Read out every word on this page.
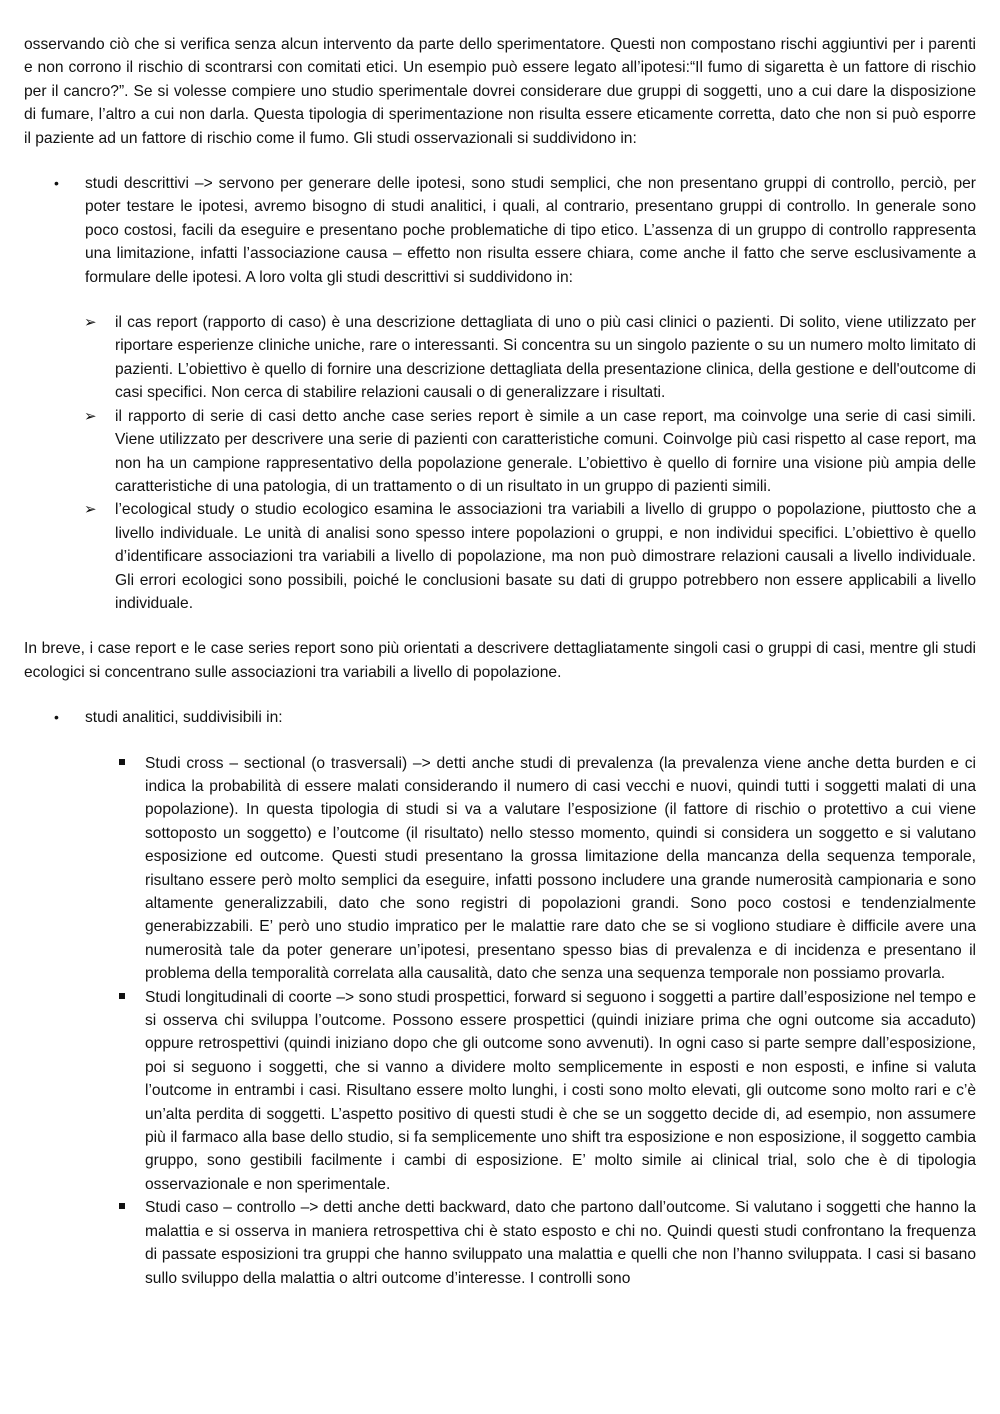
osservando ciò che si verifica senza alcun intervento da parte dello sperimentatore. Questi non compostano rischi aggiuntivi per i parenti e non corrono il rischio di scontrarsi con comitati etici. Un esempio può essere legato all’ipotesi:“Il fumo di sigaretta è un fattore di rischio per il cancro?”. Se si volesse compiere uno studio sperimentale dovrei considerare due gruppi di soggetti, uno a cui dare la disposizione di fumare, l’altro a cui non darla. Questa tipologia di sperimentazione non risulta essere eticamente corretta, dato che non si può esporre il paziente ad un fattore di rischio come il fumo. Gli studi osservazionali si suddividono in:

• studi descrittivi –> servono per generare delle ipotesi, sono studi semplici, che non presentano gruppi di controllo, perciò, per poter testare le ipotesi, avremo bisogno di studi analitici, i quali, al contrario, presentano gruppi di controllo. In generale sono poco costosi, facili da eseguire e presentano poche problematiche di tipo etico. L’assenza di un gruppo di controllo rappresenta una limitazione, infatti l’associazione causa – effetto non risulta essere chiara, come anche il fatto che serve esclusivamente a formulare delle ipotesi. A loro volta gli studi descrittivi si suddividono in:

➢ il cas report (rapporto di caso) è una descrizione dettagliata di uno o più casi clinici o pazienti. Di solito, viene utilizzato per riportare esperienze cliniche uniche, rare o interessanti. Si concentra su un singolo paziente o su un numero molto limitato di pazienti. L’obiettivo è quello di fornire una descrizione dettagliata della presentazione clinica, della gestione e dell'outcome di casi specifici. Non cerca di stabilire relazioni causali o di generalizzare i risultati.

➢ il rapporto di serie di casi detto anche case series report è simile a un case report, ma coinvolge una serie di casi simili. Viene utilizzato per descrivere una serie di pazienti con caratteristiche comuni. Coinvolge più casi rispetto al case report, ma non ha un campione rappresentativo della popolazione generale. L’obiettivo è quello di fornire una visione più ampia delle caratteristiche di una patologia, di un trattamento o di un risultato in un gruppo di pazienti simili.

➢ l’ecological study o studio ecologico esamina le associazioni tra variabili a livello di gruppo o popolazione, piuttosto che a livello individuale. Le unità di analisi sono spesso intere popolazioni o gruppi, e non individui specifici. L’obiettivo è quello d’identificare associazioni tra variabili a livello di popolazione, ma non può dimostrare relazioni causali a livello individuale. Gli errori ecologici sono possibili, poiché le conclusioni basate su dati di gruppo potrebbero non essere applicabili a livello individuale.

In breve, i case report e le case series report sono più orientati a descrivere dettagliatamente singoli casi o gruppi di casi, mentre gli studi ecologici si concentrano sulle associazioni tra variabili a livello di popolazione.

• studi analitici, suddivisibili in:

Studi cross – sectional (o trasversali) –> detti anche studi di prevalenza (la prevalenza viene anche detta burden e ci indica la probabilità di essere malati considerando il numero di casi vecchi e nuovi, quindi tutti i soggetti malati di una popolazione). In questa tipologia di studi si va a valutare l’esposizione (il fattore di rischio o protettivo a cui viene sottoposto un soggetto) e l’outcome (il risultato) nello stesso momento, quindi si considera un soggetto e si valutano esposizione ed outcome. Questi studi presentano la grossa limitazione della mancanza della sequenza temporale, risultano essere però molto semplici da eseguire, infatti possono includere una grande numerosità campionaria e sono altamente generalizzabili, dato che sono registri di popolazioni grandi. Sono poco costosi e tendenzialmente generabizzabili. E’ però uno studio impratico per le malattie rare dato che se si vogliono studiare è difficile avere una numerosità tale da poter generare un’ipotesi, presentano spesso bias di prevalenza e di incidenza e presentano il problema della temporalità correlata alla causalità, dato che senza una sequenza temporale non possiamo provarla.

Studi longitudinali di coorte –> sono studi prospettici, forward si seguono i soggetti a partire dall’esposizione nel tempo e si osserva chi sviluppa l’outcome. Possono essere prospettici (quindi iniziare prima che ogni outcome sia accaduto) oppure retrospettivi (quindi iniziano dopo che gli outcome sono avvenuti). In ogni caso si parte sempre dall’esposizione, poi si seguono i soggetti, che si vanno a dividere molto semplicemente in esposti e non esposti, e infine si valuta l’outcome in entrambi i casi. Risultano essere molto lunghi, i costi sono molto elevati, gli outcome sono molto rari e c’è un’alta perdita di soggetti. L’aspetto positivo di questi studi è che se un soggetto decide di, ad esempio, non assumere più il farmaco alla base dello studio, si fa semplicemente uno shift tra esposizione e non esposizione, il soggetto cambia gruppo, sono gestibili facilmente i cambi di esposizione. E’ molto simile ai clinical trial, solo che è di tipologia osservazionale e non sperimentale.

Studi caso – controllo –> detti anche detti backward, dato che partono dall’outcome. Si valutano i soggetti che hanno la malattia e si osserva in maniera retrospettiva chi è stato esposto e chi no. Quindi questi studi confrontano la frequenza di passate esposizioni tra gruppi che hanno sviluppato una malattia e quelli che non l’hanno sviluppata. I casi si basano sullo sviluppo della malattia o altri outcome d’interesse. I controlli sono
